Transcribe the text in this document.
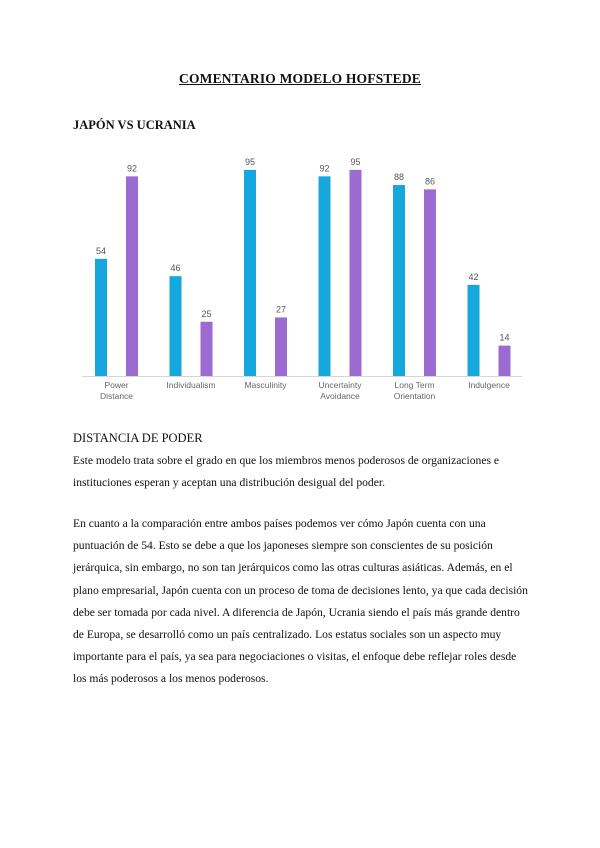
COMENTARIO MODELO HOFSTEDE
JAPÓN VS UCRANIA
54
92
Power
Distance
46
25
Individualism
95
27
Masculinity
92
95
Uncertainty
Avoidance
88 86
Long Term
Orientation
42
14
Indulgence
DISTANCIA DE PODER
Este modelo trata sobre el grado en que los miembros menos poderosos de organizaciones e instituciones esperan y aceptan una distribución desigual del poder.
En cuanto a la comparación entre ambos países podemos ver cómo Japón cuenta con una puntuación de 54. Esto se debe a que los japoneses siempre son conscientes de su posición jerárquica, sin embargo, no son tan jerárquicos como las otras culturas asiáticas. Además, en el plano empresarial, Japón cuenta con un proceso de toma de decisiones lento, ya que cada decisión debe ser tomada por cada nivel. A diferencia de Japón, Ucrania siendo el país más grande dentro de Europa, se desarrolló como un país centralizado. Los estatus sociales son un aspecto muy importante para el país, ya sea para negociaciones o visitas, el enfoque debe reflejar roles desde los más poderosos a los menos poderosos.
